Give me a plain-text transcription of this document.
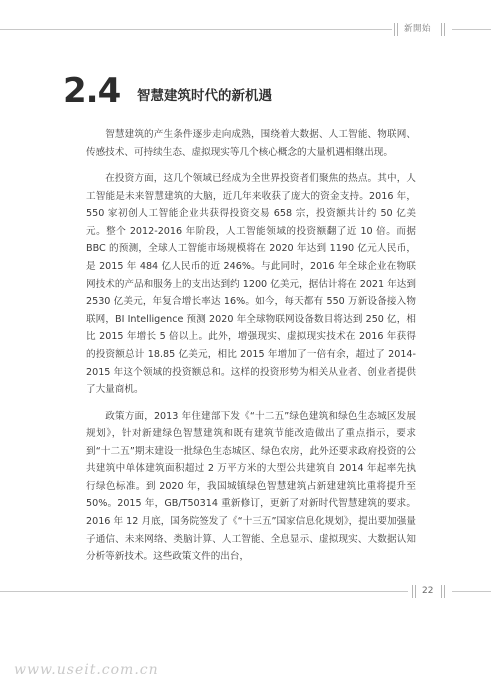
新開始
2.4 智慧建筑时代的新机遇

智慧建筑的产生条件逐步走向成熟，围绕着大数据、人工智能、物联网、传感技术、可持续生态、虚拟现实等几个核心概念的大量机遇相继出现。

在投资方面，这几个领域已经成为全世界投资者们聚焦的热点。其中，人工智能是未来智慧建筑的大脑，近几年来收获了庞大的资金支持。2016 年，550 家初创人工智能企业共获得投资交易 658 宗，投资额共计约 50 亿美元。整个 2012-2016 年阶段，人工智能领域的投资额翻了近 10 倍。而据 BBC 的预测，全球人工智能市场规模将在 2020 年达到 1190 亿元人民币，是 2015 年 484 亿人民币的近 246%。与此同时，2016 年全球企业在物联网技术的产品和服务上的支出达到约 1200 亿美元，据估计将在 2021 年达到 2530 亿美元，年复合增长率达 16%。如今，每天都有 550 万新设备接入物联网，BI Intelligence 预测 2020 年全球物联网设备数目将达到 250 亿，相比 2015 年增长 5 倍以上。此外，增强现实、虚拟现实技术在 2016 年获得的投资额总计 18.85 亿美元，相比 2015 年增加了一倍有余，超过了 2014-2015 年这个领域的投资额总和。这样的投资形势为相关从业者、创业者提供了大量商机。

政策方面，2013 年住建部下发《“十二五”绿色建筑和绿色生态城区发展规划》，针对新建绿色智慧建筑和既有建筑节能改造做出了重点指示，要求到“十二五”期末建设一批绿色生态城区、绿色农房，此外还要求政府投资的公共建筑中单体建筑面积超过 2 万平方米的大型公共建筑自 2014 年起率先执行绿色标准。到 2020 年，我国城镇绿色智慧建筑占新建建筑比重将提升至 50%。2015 年，GB/T50314 重新修订，更新了对新时代智慧建筑的要求。2016 年 12 月底，国务院签发了《“十三五”国家信息化规划》，提出要加强量子通信、未来网络、类脑计算、人工智能、全息显示、虚拟现实、大数据认知分析等新技术。这些政策文件的出台，

22
www.useit.com.cn
